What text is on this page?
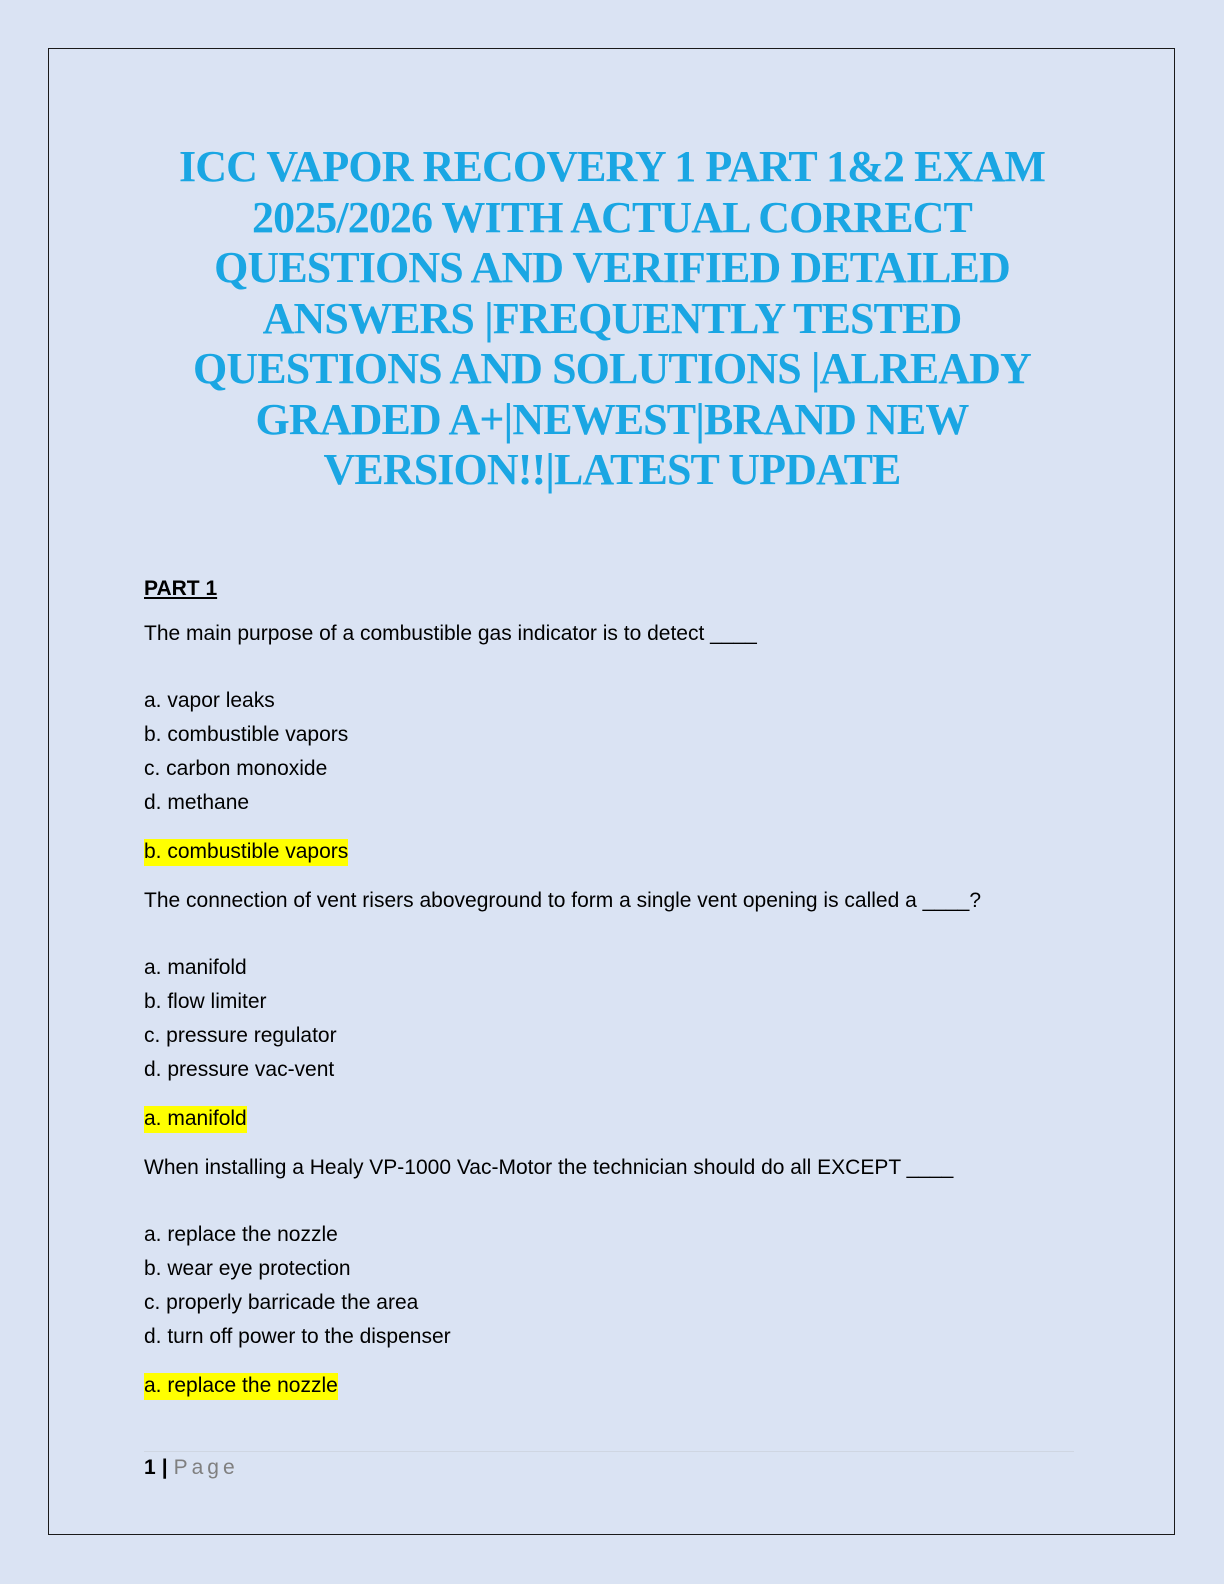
ICC VAPOR RECOVERY 1 PART 1&2 EXAM 2025/2026 WITH ACTUAL CORRECT QUESTIONS AND VERIFIED DETAILED ANSWERS |FREQUENTLY TESTED QUESTIONS AND SOLUTIONS |ALREADY GRADED A+|NEWEST|BRAND NEW VERSION!!|LATEST UPDATE
PART 1
The main purpose of a combustible gas indicator is to detect ____
a. vapor leaks
b. combustible vapors
c. carbon monoxide
d. methane
b. combustible vapors
The connection of vent risers aboveground to form a single vent opening is called a ____?
a. manifold
b. flow limiter
c. pressure regulator
d. pressure vac-vent
a. manifold
When installing a Healy VP-1000 Vac-Motor the technician should do all EXCEPT ____
a. replace the nozzle
b. wear eye protection
c. properly barricade the area
d. turn off power to the dispenser
a. replace the nozzle
1 | Page
